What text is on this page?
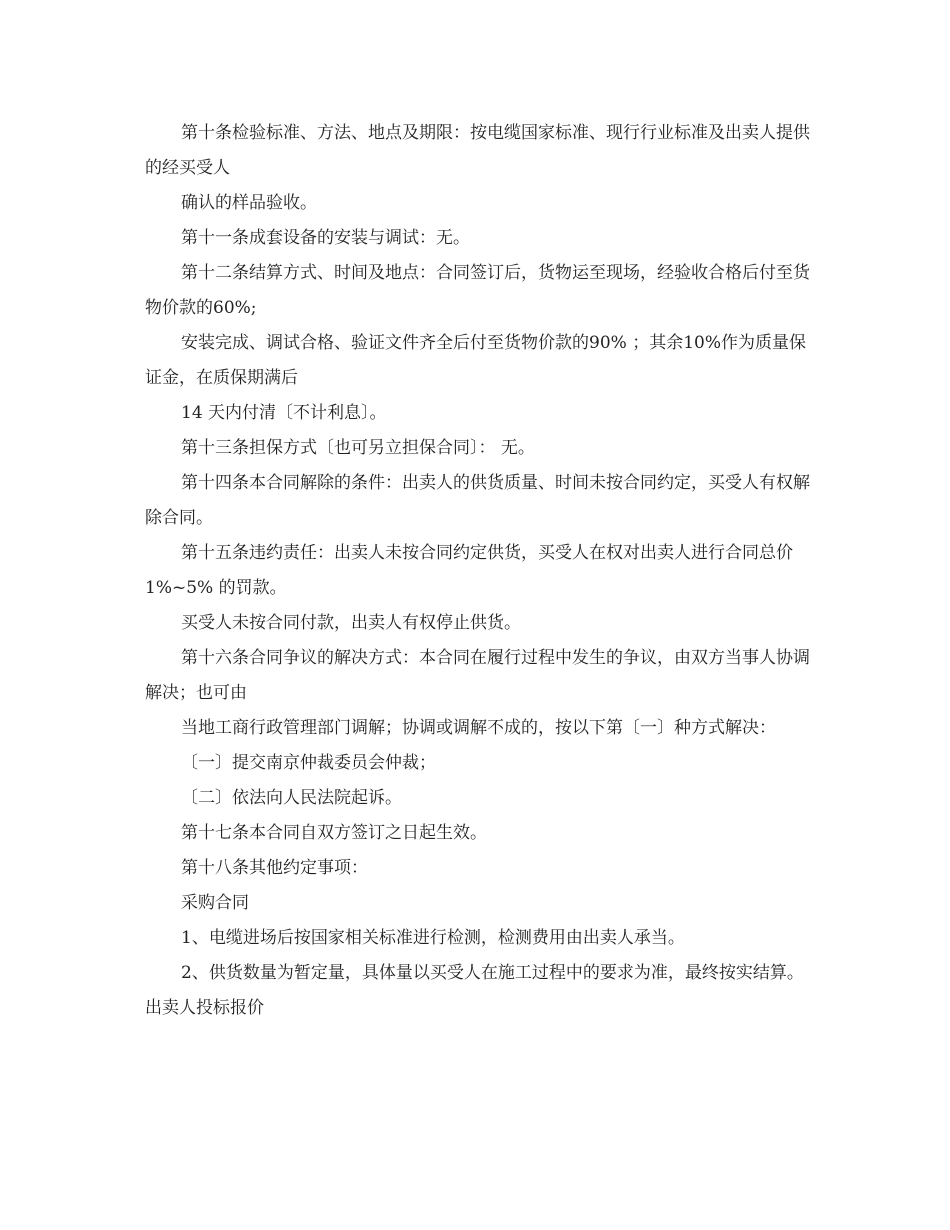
第十条检验标准、方法、地点及期限：按电缆国家标准、现行行业标准及出卖人提供的经买受人

确认的样品验收。

第十一条成套设备的安装与调试：无。

第十二条结算方式、时间及地点：合同签订后，货物运至现场，经验收合格后付至货物价款的60%;

安装完成、调试合格、验证文件齐全后付至货物价款的90% ；其余10%作为质量保证金，在质保期满后

14 天内付清〔不计利息〕。

第十三条担保方式〔也可另立担保合同〕： 无。

第十四条本合同解除的条件：出卖人的供货质量、时间未按合同约定，买受人有权解除合同。

第十五条违约责任：出卖人未按合同约定供货，买受人在权对出卖人进行合同总价 1%~5% 的罚款。

买受人未按合同付款，出卖人有权停止供货。

第十六条合同争议的解决方式：本合同在履行过程中发生的争议，由双方当事人协调解决；也可由

当地工商行政管理部门调解；协调或调解不成的，按以下第〔一〕种方式解决：

〔一〕提交南京仲裁委员会仲裁；

〔二〕依法向人民法院起诉。

第十七条本合同自双方签订之日起生效。

第十八条其他约定事项：

采购合同

1、电缆进场后按国家相关标准进行检测，检测费用由出卖人承当。

2、供货数量为暂定量，具体量以买受人在施工过程中的要求为准，最终按实结算。出卖人投标报价
